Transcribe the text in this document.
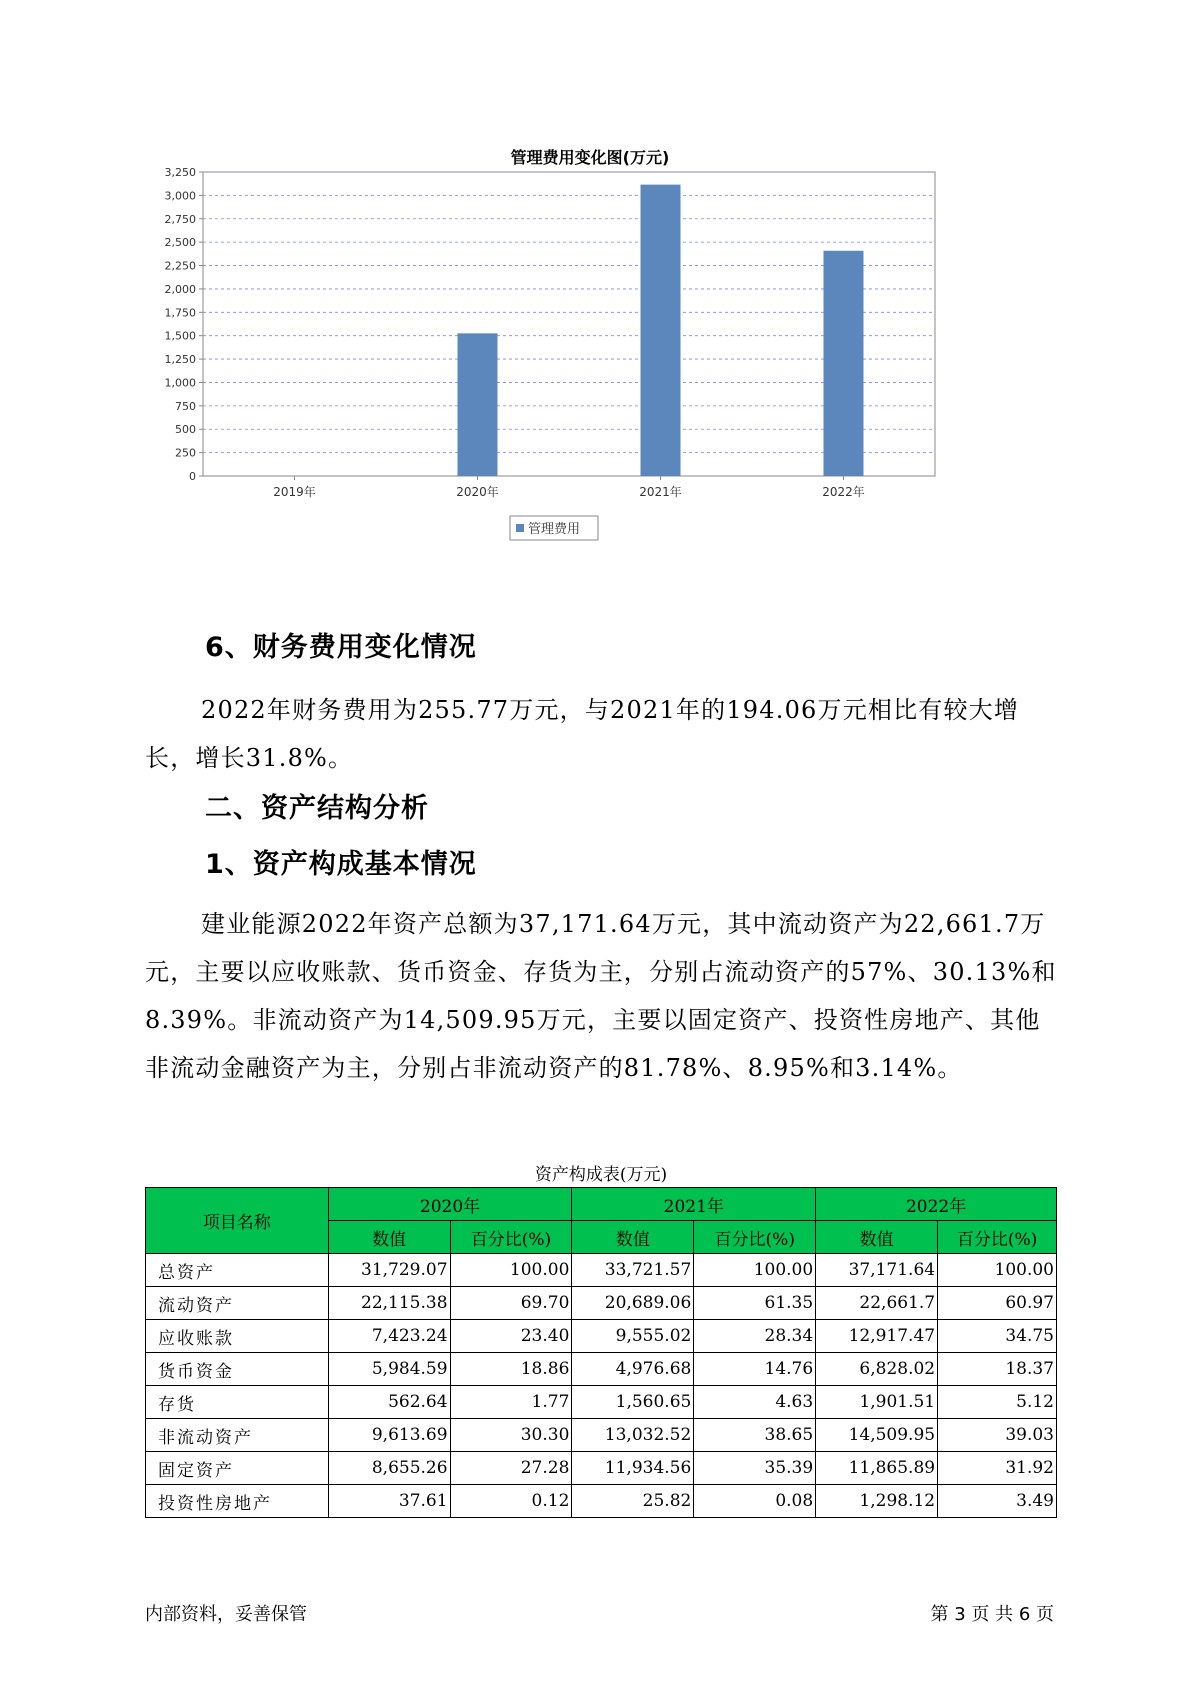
管理费用变化图(万元)
0
250
500
750
1,000
1,250
1,500
1,750
2,000
2,250
2,500
2,750
3,000
3,250
2019年	2020年	2021年	2022年
管理费用
6、财务费用变化情况

2022年财务费用为255.77万元，与2021年的194.06万元相比有较大增长，增长31.8%。

二、资产结构分析
1、资产构成基本情况

建业能源2022年资产总额为37,171.64万元，其中流动资产为22,661.7万元，主要以应收账款、货币资金、存货为主，分别占流动资产的57%、30.13%和8.39%。非流动资产为14,509.95万元，主要以固定资产、投资性房地产、其他非流动金融资产为主，分别占非流动资产的81.78%、8.95%和3.14%。

资产构成表(万元)
项目名称	2020年		2021年		2022年	
	数值	百分比(%)	数值	百分比(%)	数值	百分比(%)
总资产	31,729.07	100.00	33,721.57	100.00	37,171.64	100.00
流动资产	22,115.38	69.70	20,689.06	61.35	22,661.7	60.97
应收账款	7,423.24	23.40	9,555.02	28.34	12,917.47	34.75
货币资金	5,984.59	18.86	4,976.68	14.76	6,828.02	18.37
存货	562.64	1.77	1,560.65	4.63	1,901.51	5.12
非流动资产	9,613.69	30.30	13,032.52	38.65	14,509.95	39.03
固定资产	8,655.26	27.28	11,934.56	35.39	11,865.89	31.92
投资性房地产	37.61	0.12	25.82	0.08	1,298.12	3.49
内部资料，妥善保管	第 3 页 共 6 页
